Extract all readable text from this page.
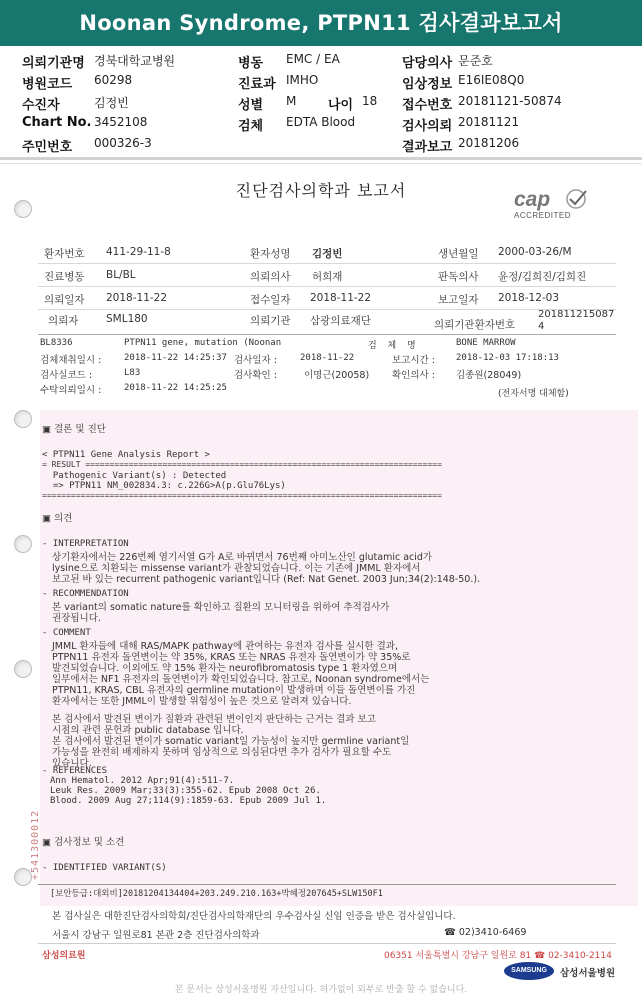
Noonan Syndrome, PTPN11 검사결과보고서
의뢰기관명 경북대학교병원	병동 EMC / EA	담당의사 문준호
병원코드 60298	진료과 IMHO	임상정보 E16IE08Q0
수진자	김정빈	성별 M 나이 18 접수번호 20181121-50874
Chart No. 3452108	검체 EDTA Blood	검사의뢰 20181121
주민번호 000326-3	결과보고 20181206
진단검사의학과 보고서	cap
ACCREDITED
환자번호 411-29-11-8	환자성명 김정빈	생년월일 2000-03-26/M
진료병동 BL/BL	의뢰의사 허희재	판독의사 윤정/김희진/김희진
의뢰일자 2018-11-22	접수일자 2018-11-22	보고일자 2018-12-03
의뢰자	SML180	의뢰기관 삼광의료재단	의뢰기관환자번호
201811215087
4
BL8336	PTPN11 gene, mutation (Noonan	검  체  명	BONE MARROW
검체채취일시 :	2018-11-22 14:25:37 검사일자 :	2018-11-22	보고시간 : 2018-12-03 17:18:13
검사실코드 :	L83	검사확인 :	이명근(20058) 확인의사 : 김종원(28049)
수탁의뢰일시 :	2018-11-22 14:25:25
(전자서명 대체함)
▣ 결론 및 진단
< PTPN11 Gene Analysis Report >
= RESULT ==========================================================================
Pathogenic Variant(s) : Detected
=> PTPN11 NM_002834.3: c.226G>A(p.Glu76Lys)
===================================================================================
▣ 의견
- INTERPRETATION
상기환자에서는 226번째 염기서열 G가 A로 바뀌면서 76번째 아미노산인 glutamic acid가
lysine으로 치환되는 missense variant가 관찰되었습니다. 이는 기존에 JMML 환자에서
보고된 바 있는 recurrent pathogenic variant입니다 (Ref: Nat Genet. 2003 Jun;34(2):148-50.).
- RECOMMENDATION
본 variant의 somatic nature를 확인하고 질환의 모니터링을 위하여 추적검사가
권장됩니다.
- COMMENT
JMML 환자들에 대해 RAS/MAPK pathway에 관여하는 유전자 검사를 실시한 결과,
PTPN11 유전자 돌연변이는 약 35%, KRAS 또는 NRAS 유전자 돌연변이가 약 35%로
발견되었습니다. 이외에도 약 15% 환자는 neurofibromatosis type 1 환자였으며
일부에서는 NF1 유전자의 돌연변이가 확인되었습니다. 참고로, Noonan syndrome에서는
PTPN11, KRAS, CBL 유전자의 germline mutation이 발생하며 이들 돌연변이를 가진
환자에서는 또한 JMML이 발생할 위험성이 높은 것으로 알려져 있습니다.
본 검사에서 발견된 변이가 질환과 관련된 변이인지 판단하는 근거는 결과 보고
시점의 관련 문헌과 public database 입니다.
본 검사에서 발견된 변이가 somatic variant일 가능성이 높지만 germline variant일
가능성을 완전히 배제하지 못하며 임상적으로 의심된다면 추가 검사가 필요할 수도
있습니다.
- REFERENCES
Ann Hematol. 2012 Apr;91(4):511-7.
Leuk Res. 2009 Mar;33(3):355-62. Epub 2008 Oct 26.
Blood. 2009 Aug 27;114(9):1859-63. Epub 2009 Jul 1.
▣ 검사정보 및 소견
- IDENTIFIED VARIANT(S)
+541300012
[보안등급:대외비]20181204134404+203.249.210.163+박혜정207645+SLW150F1
본 검사실은 대한진단검사의학회/진단검사의학재단의 우수검사실 신임 인증을 받은 검사실입니다.
서울시 강남구 일원로81 본관 2층 진단검사의학과	☎ 02)3410-6469
삼성의료원	06351 서울특별시 강남구 일원로 81 ☎ 02-3410-2114
SAMSUNG	삼성서울병원
본 문서는 삼성서울병원 자산입니다. 허가없이 외부로 반출 할 수 없습니다.
